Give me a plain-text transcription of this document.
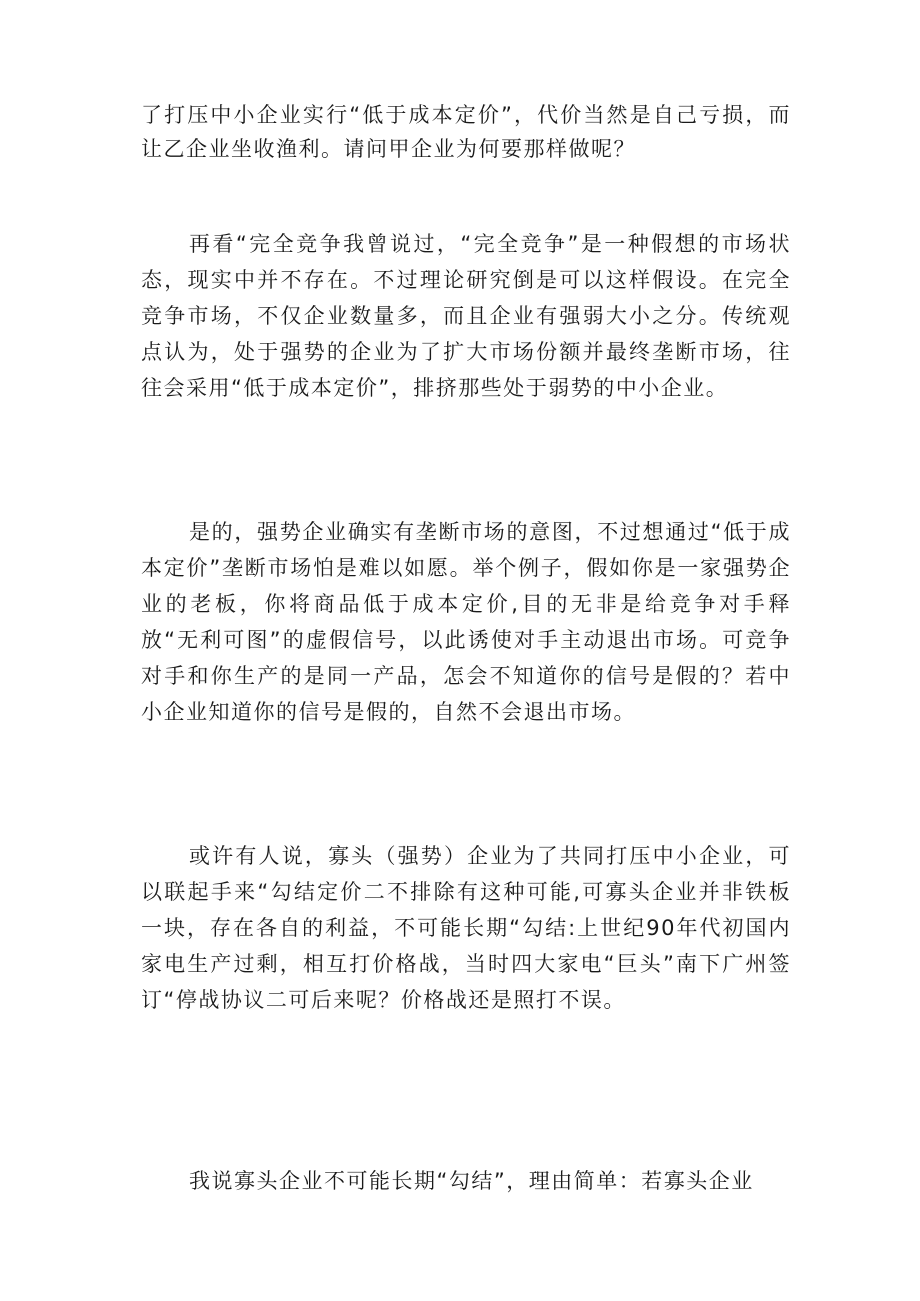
了打压中小企业实行“低于成本定价”，代价当然是自己亏损，而让乙企业坐收渔利。请问甲企业为何要那样做呢？

再看“完全竞争我曾说过，“完全竞争”是一种假想的市场状态，现实中并不存在。不过理论研究倒是可以这样假设。在完全竞争市场，不仅企业数量多，而且企业有强弱大小之分。传统观点认为，处于强势的企业为了扩大市场份额并最终垄断市场，往往会采用“低于成本定价”，排挤那些处于弱势的中小企业。

是的，强势企业确实有垄断市场的意图，不过想通过“低于成本定价”垄断市场怕是难以如愿。举个例子，假如你是一家强势企业的老板，你将商品低于成本定价,目的无非是给竞争对手释放“无利可图”的虚假信号，以此诱使对手主动退出市场。可竞争对手和你生产的是同一产品，怎会不知道你的信号是假的？若中小企业知道你的信号是假的，自然不会退出市场。

或许有人说，寡头（强势）企业为了共同打压中小企业，可以联起手来“勾结定价二不排除有这种可能,可寡头企业并非铁板一块，存在各自的利益，不可能长期“勾结:上世纪90年代初国内家电生产过剩，相互打价格战，当时四大家电“巨头”南下广州签订“停战协议二可后来呢？价格战还是照打不误。

我说寡头企业不可能长期“勾结”，理由简单：若寡头企业
